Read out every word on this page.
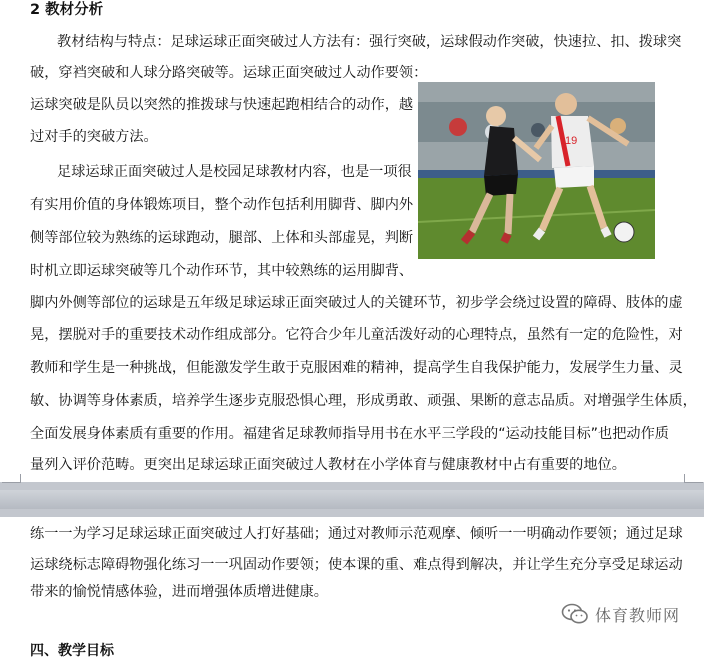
2 教材分析

教材结构与特点：足球运球正面突破过人方法有：强行突破，运球假动作突破，快速拉、扣、拨球突

破，穿裆突破和人球分路突破等。运球正面突破过人动作要领：

运球突破是队员以突然的推拨球与快速起跑相结合的动作，越

过对手的突破方法。

足球运球正面突破过人是校园足球教材内容，也是一项很

有实用价值的身体锻炼项目，整个动作包括利用脚背、脚内外

侧等部位较为熟练的运球跑动，腿部、上体和头部虚晃，判断

时机立即运球突破等几个动作环节，其中较熟练的运用脚背、

脚内外侧等部位的运球是五年级足球运球正面突破过人的关键环节，初步学会绕过设置的障碍、肢体的虚

晃，摆脱对手的重要技术动作组成部分。它符合少年儿童活泼好动的心理特点，虽然有一定的危险性，对

教师和学生是一种挑战，但能激发学生敢于克服困难的精神，提高学生自我保护能力，发展学生力量、灵

敏、协调等身体素质，培养学生逐步克服恐惧心理，形成勇敢、顽强、果断的意志品质。对增强学生体质，

全面发展身体素质有重要的作用。福建省足球教师指导用书在水平三学段的“运动技能目标”也把动作质

量列入评价范畴。更突出足球运球正面突破过人教材在小学体育与健康教材中占有重要的地位。

19

练一一为学习足球运球正面突破过人打好基础；通过对教师示范观摩、倾听一一明确动作要领；通过足球

运球绕标志障碍物强化练习一一巩固动作要领；使本课的重、难点得到解决，并让学生充分享受足球运动

带来的愉悦情感体验，进而增强体质增进健康。

体育教师网

四、教学目标
